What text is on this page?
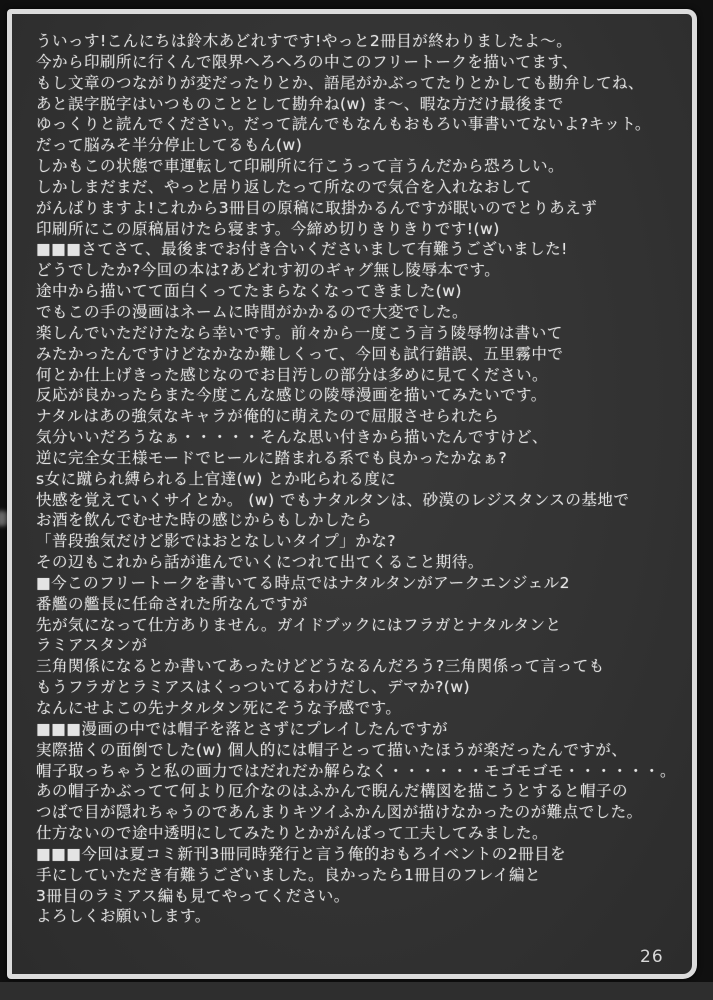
ういっす!こんにちは鈴木あどれすです!やっと2冊目が終わりましたよ〜。
今から印刷所に行くんで限界へろへろの中このフリートークを描いてます、
もし文章のつながりが変だったりとか、語尾がかぶってたりとかしても勘弁してね、
あと誤字脱字はいつものこととして勘弁ね(w) ま〜、暇な方だけ最後まで
ゆっくりと読んでください。だって読んでもなんもおもろい事書いてないよ?キット。
だって脳みそ半分停止してるもん(w)
しかもこの状態で車運転して印刷所に行こうって言うんだから恐ろしい。
しかしまだまだ、やっと居り返したって所なので気合を入れなおして
がんばりますよ!これから3冊目の原稿に取掛かるんですが眠いのでとりあえず
印刷所にこの原稿届けたら寝ます。今締め切りきりきりです!(w)
■■■さてさて、最後までお付き合いくださいまして有難うございました!
どうでしたか?今回の本は?あどれす初のギャグ無し陵辱本です。
途中から描いてて面白くってたまらなくなってきました(w)
でもこの手の漫画はネームに時間がかかるので大変でした。
楽しんでいただけたなら幸いです。前々から一度こう言う陵辱物は書いて
みたかったんですけどなかなか難しくって、今回も試行錯誤、五里霧中で
何とか仕上げきった感じなのでお目汚しの部分は多めに見てください。
反応が良かったらまた今度こんな感じの陵辱漫画を描いてみたいです。
ナタルはあの強気なキャラが俺的に萌えたので屈服させられたら
気分いいだろうなぁ・・・・・そんな思い付きから描いたんですけど、
逆に完全女王様モードでヒールに踏まれる系でも良かったかなぁ?
s女に蹴られ縛られる上官達(w) とか叱られる度に
快感を覚えていくサイとか。 (w) でもナタルタンは、砂漠のレジスタンスの基地で
お酒を飲んでむせた時の感じからもしかしたら
「普段強気だけど影ではおとなしいタイプ」かな?
その辺もこれから話が進んでいくにつれて出てくること期待。
■今このフリートークを書いてる時点ではナタルタンがアークエンジェル2
番艦の艦長に任命された所なんですが
先が気になって仕方ありません。ガイドブックにはフラガとナタルタンと
ラミアスタンが
三角関係になるとか書いてあったけどどうなるんだろう?三角関係って言っても
もうフラガとラミアスはくっついてるわけだし、デマか?(w)
なんにせよこの先ナタルタン死にそうな予感です。
■■■漫画の中では帽子を落とさずにプレイしたんですが
実際描くの面倒でした(w) 個人的には帽子とって描いたほうが楽だったんですが、
帽子取っちゃうと私の画力ではだれだか解らなく・・・・・・モゴモゴモ・・・・・・。
あの帽子かぶってて何より厄介なのはふかんで睨んだ構図を描こうとすると帽子の
つばで目が隠れちゃうのであんまりキツイふかん図が描けなかったのが難点でした。
仕方ないので途中透明にしてみたりとかがんばって工夫してみました。
■■■今回は夏コミ新刊3冊同時発行と言う俺的おもろイベントの2冊目を
手にしていただき有難うございました。良かったら1冊目のフレイ編と
3冊目のラミアス編も見てやってください。
よろしくお願いします。
26
